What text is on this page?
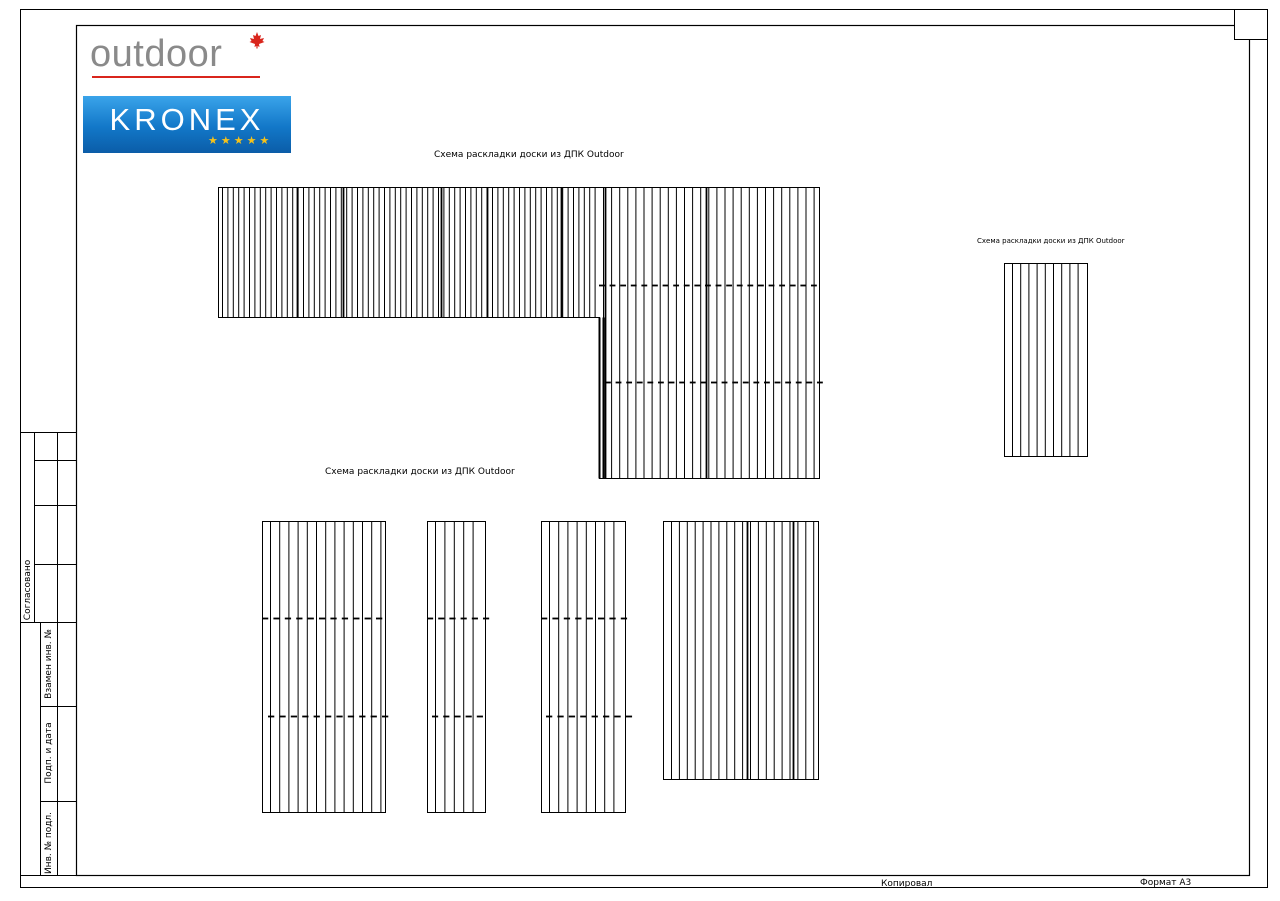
Согласовано
Взамен инв. №
Подп. и дата
Инв. № подл.
Копировал	Формат А3
Схема раскладки доски из ДПК Outdoor
Схема раскладки доски из ДПК Outdoor
Схема раскладки доски из ДПК Outdoor
outdoor
KRONEX
★★★★★
